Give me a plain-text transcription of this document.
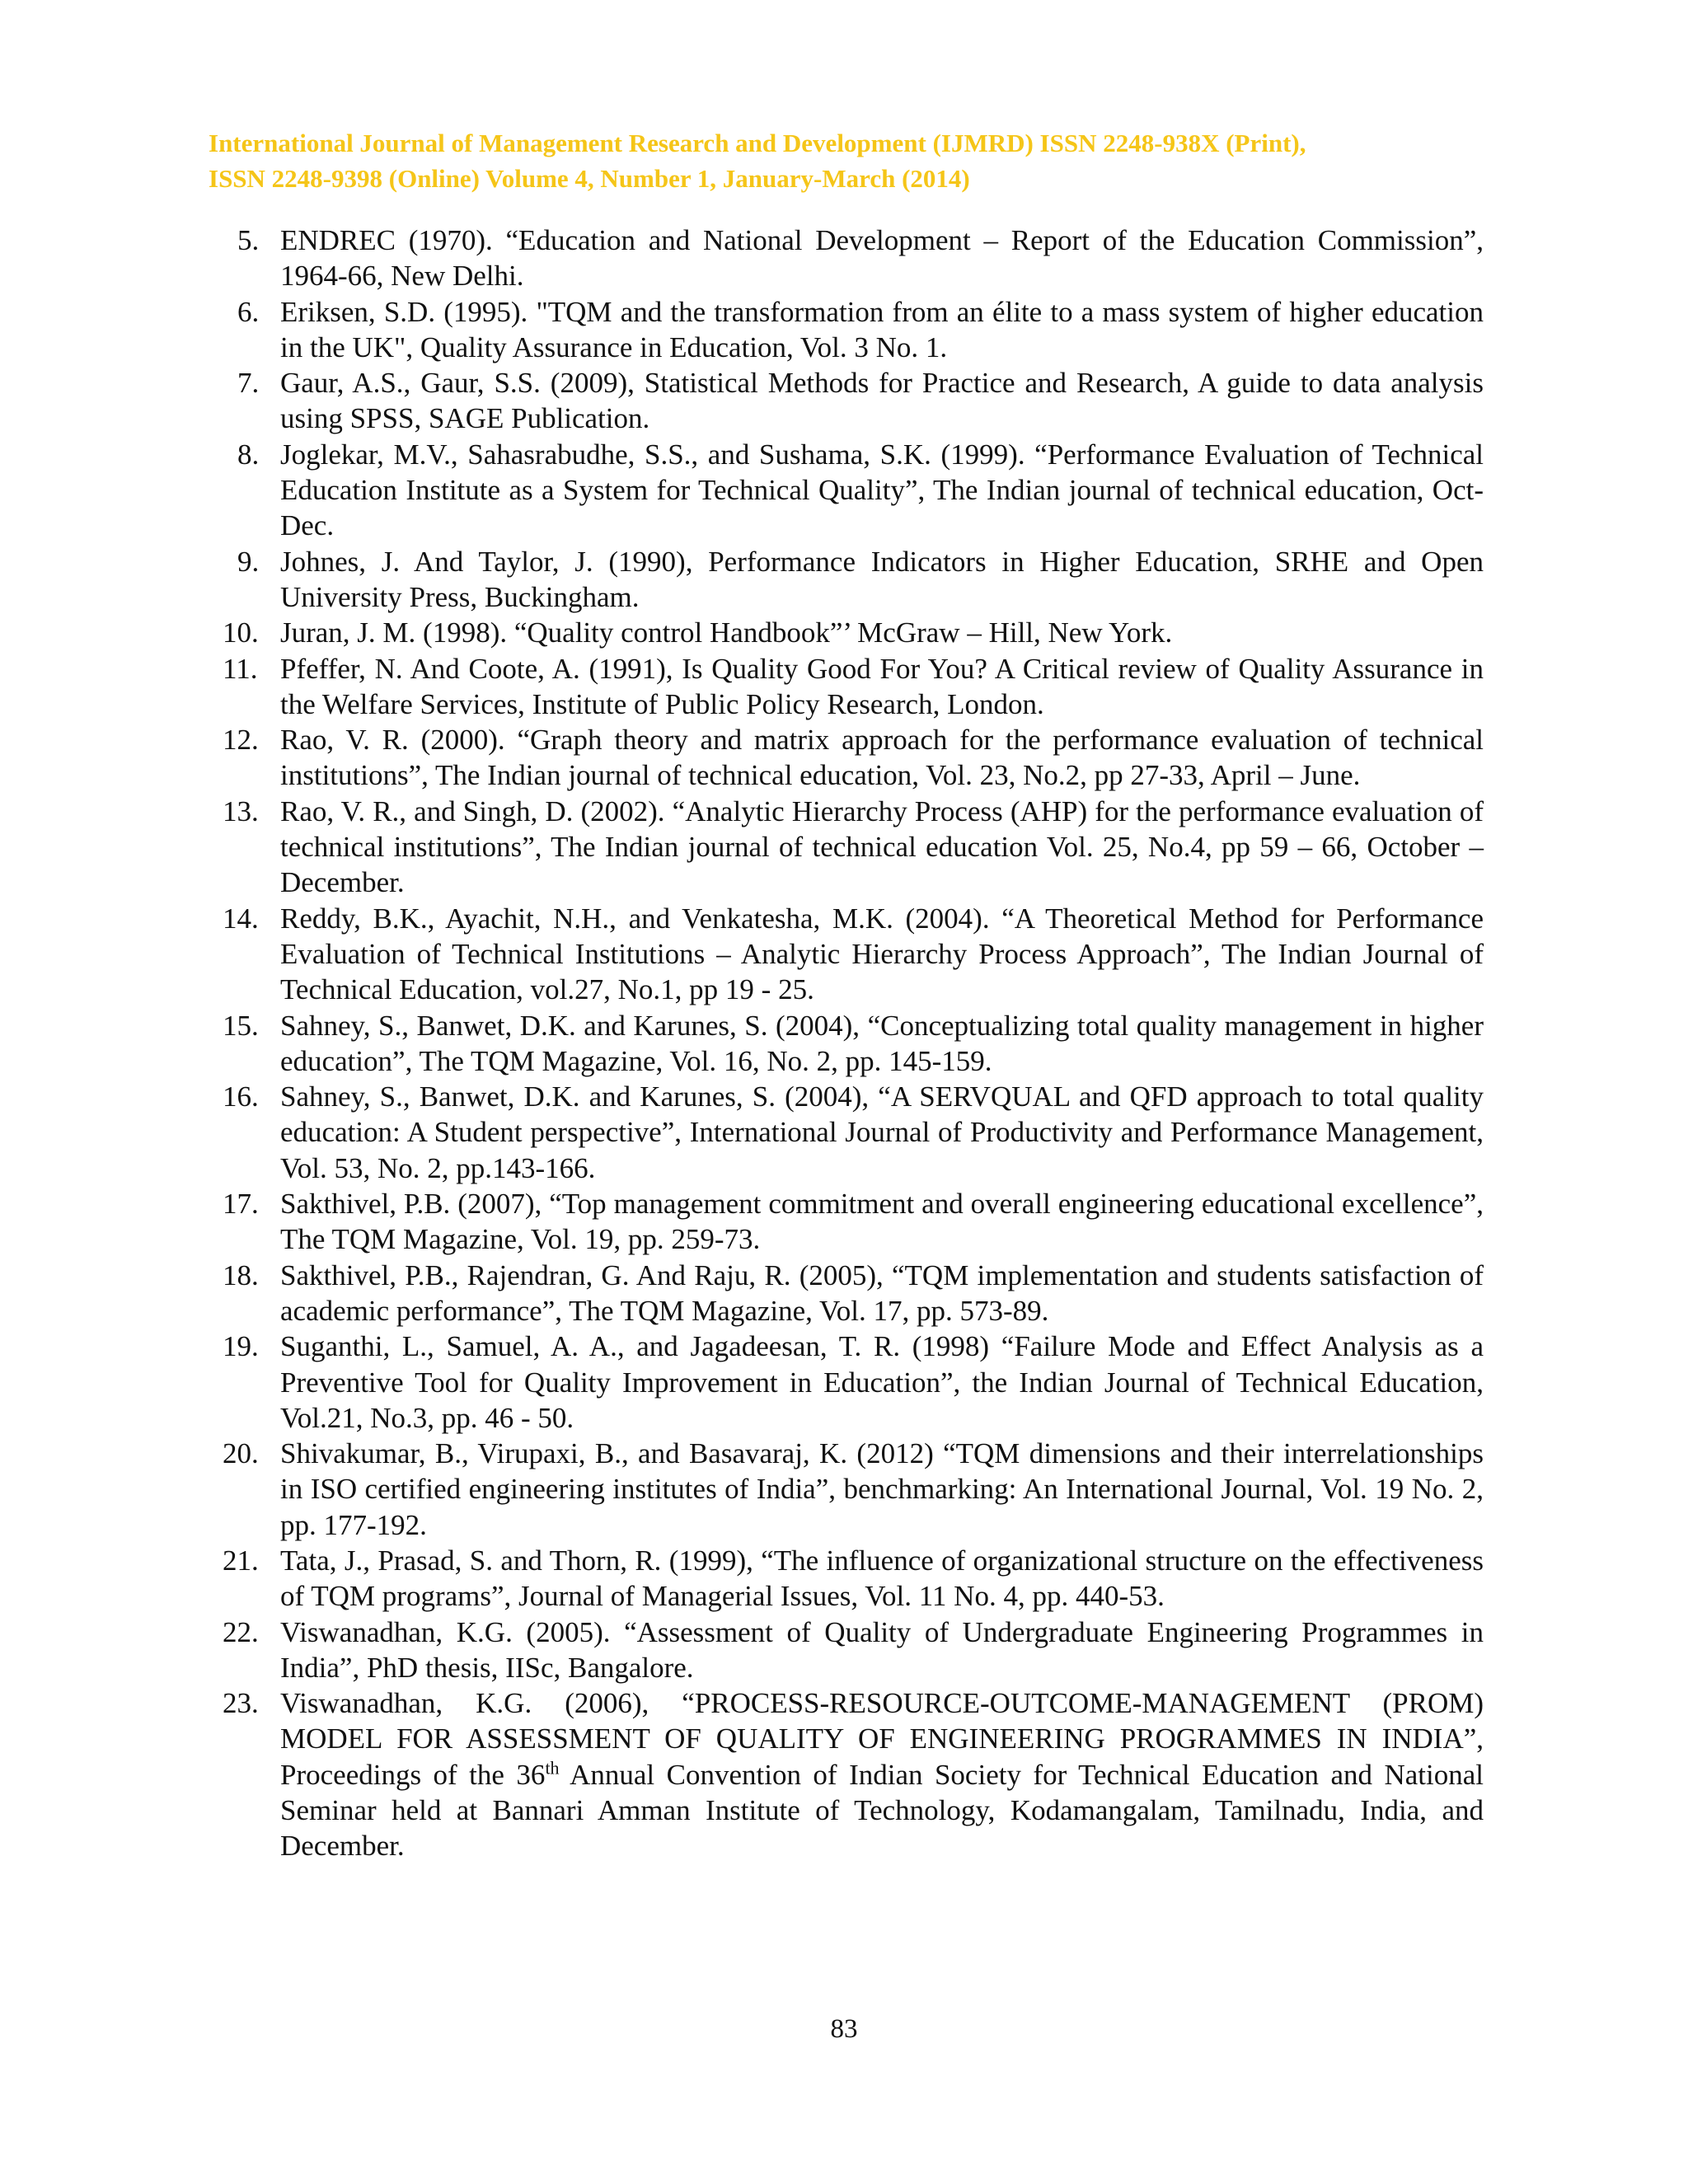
International Journal of Management Research and Development (IJMRD) ISSN 2248-938X (Print),
ISSN 2248-9398 (Online) Volume 4, Number 1, January-March (2014)
5. ENDREC (1970). “Education and National Development – Report of the Education Commission”, 1964-66, New Delhi.
6. Eriksen, S.D. (1995). "TQM and the transformation from an élite to a mass system of higher education in the UK", Quality Assurance in Education, Vol. 3 No. 1.
7. Gaur, A.S., Gaur, S.S. (2009), Statistical Methods for Practice and Research, A guide to data analysis using SPSS, SAGE Publication.
8. Joglekar, M.V., Sahasrabudhe, S.S., and Sushama, S.K. (1999). “Performance Evaluation of Technical Education Institute as a System for Technical Quality”, The Indian journal of technical education, Oct-Dec.
9. Johnes, J. And Taylor, J. (1990), Performance Indicators in Higher Education, SRHE and Open University Press, Buckingham.
10. Juran, J. M. (1998). “Quality control Handbook”’ McGraw – Hill, New York.
11. Pfeffer, N. And Coote, A. (1991), Is Quality Good For You? A Critical review of Quality Assurance in the Welfare Services, Institute of Public Policy Research, London.
12. Rao, V. R. (2000). “Graph theory and matrix approach for the performance evaluation of technical institutions”, The Indian journal of technical education, Vol. 23, No.2, pp 27-33, April – June.
13. Rao, V. R., and Singh, D. (2002). “Analytic Hierarchy Process (AHP) for the performance evaluation of technical institutions”, The Indian journal of technical education Vol. 25, No.4, pp 59 – 66, October – December.
14. Reddy, B.K., Ayachit, N.H., and Venkatesha, M.K. (2004). “A Theoretical Method for Performance Evaluation of Technical Institutions – Analytic Hierarchy Process Approach”, The Indian Journal of Technical Education, vol.27, No.1, pp 19 - 25.
15. Sahney, S., Banwet, D.K. and Karunes, S. (2004), “Conceptualizing total quality management in higher education”, The TQM Magazine, Vol. 16, No. 2, pp. 145-159.
16. Sahney, S., Banwet, D.K. and Karunes, S. (2004), “A SERVQUAL and QFD approach to total quality education: A Student perspective”, International Journal of Productivity and Performance Management, Vol. 53, No. 2, pp.143-166.
17. Sakthivel, P.B. (2007), “Top management commitment and overall engineering educational excellence”, The TQM Magazine, Vol. 19, pp. 259-73.
18. Sakthivel, P.B., Rajendran, G. And Raju, R. (2005), “TQM implementation and students satisfaction of academic performance”, The TQM Magazine, Vol. 17, pp. 573-89.
19. Suganthi, L., Samuel, A. A., and Jagadeesan, T. R. (1998) “Failure Mode and Effect Analysis as a Preventive Tool for Quality Improvement in Education”, the Indian Journal of Technical Education, Vol.21, No.3, pp. 46 - 50.
20. Shivakumar, B., Virupaxi, B., and Basavaraj, K. (2012) “TQM dimensions and their interrelationships in ISO certified engineering institutes of India”, benchmarking: An International Journal, Vol. 19 No. 2, pp. 177-192.
21. Tata, J., Prasad, S. and Thorn, R. (1999), “The influence of organizational structure on the effectiveness of TQM programs”, Journal of Managerial Issues, Vol. 11 No. 4, pp. 440-53.
22. Viswanadhan, K.G. (2005). “Assessment of Quality of Undergraduate Engineering Programmes in India”, PhD thesis, IISc, Bangalore.
23. Viswanadhan, K.G. (2006), “PROCESS-RESOURCE-OUTCOME-MANAGEMENT (PROM) MODEL FOR ASSESSMENT OF QUALITY OF ENGINEERING PROGRAMMES IN INDIA”, Proceedings of the 36th Annual Convention of Indian Society for Technical Education and National Seminar held at Bannari Amman Institute of Technology, Kodamangalam, Tamilnadu, India, and December.
83
